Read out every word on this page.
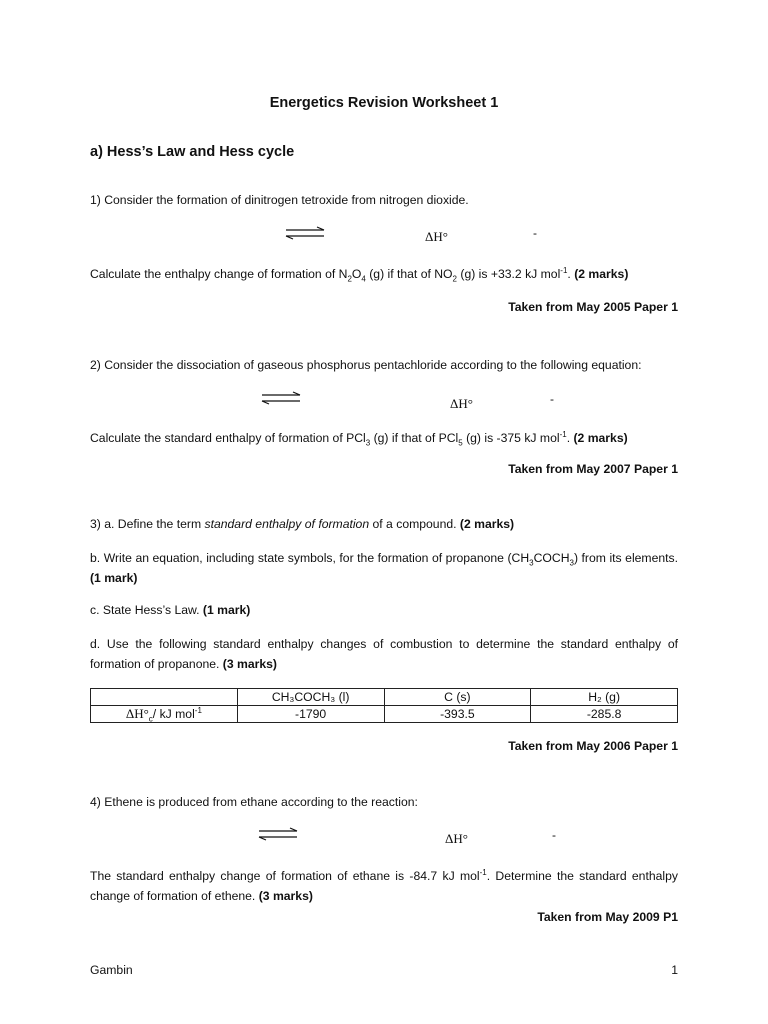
Energetics Revision Worksheet 1
a) Hess’s Law and Hess cycle
1) Consider the formation of dinitrogen tetroxide from nitrogen dioxide.
ΔH°	-
Calculate the enthalpy change of formation of $N_2O_4$ (g) if that of $NO_2$ (g) is +33.2 kJ mol$^{-1}$. (2 marks)
Taken from May 2005 Paper 1
2) Consider the dissociation of gaseous phosphorus pentachloride according to the following equation:
ΔH°	-
Calculate the standard enthalpy of formation of PCl$_3$ (g) if that of PCl$_5$ (g) is -375 kJ mol$^{-1}$. (2 marks)
Taken from May 2007 Paper 1
3) a. Define the term standard enthalpy of formation of a compound. (2 marks)
b. Write an equation, including state symbols, for the formation of propanone $(CH_3COCH_3)$ from its elements. (1 mark)
c. State Hess’s Law. (1 mark)
d. Use the following standard enthalpy changes of combustion to determine the standard enthalpy of formation of propanone. (3 marks)
	CH₃COCH₃ (l)	C (s)	H₂ (g)
$\Delta H^\circ_c/$ kJ mol$^{-1}$	-1790	-393.5	-285.8
Taken from May 2006 Paper 1
4) Ethene is produced from ethane according to the reaction:
ΔH°	-
The standard enthalpy change of formation of ethane is -84.7 kJ mol$^{-1}$. Determine the standard enthalpy change of formation of ethene. (3 marks)
Taken from May 2009 P1
Gambin	1
